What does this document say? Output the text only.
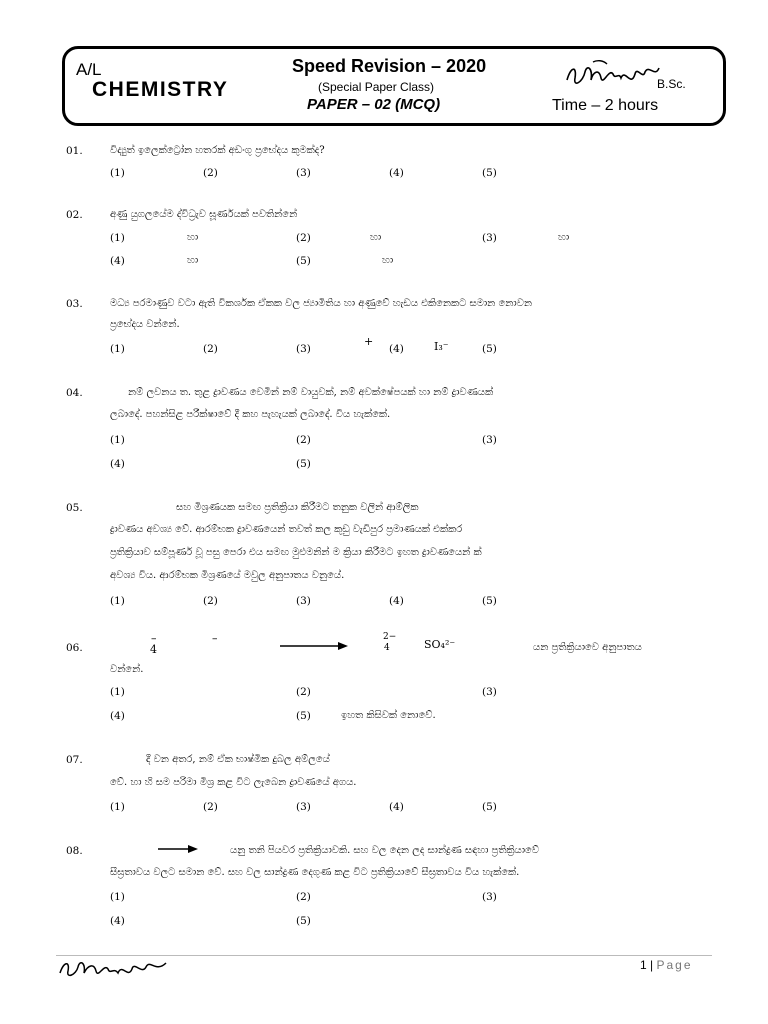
A/L
CHEMISTRY
Speed Revision – 2020
(Special Paper Class)
PAPER – 02 (MCQ)	Time – 2 hours
B.Sc.
01.	විද්‍යුත් ඉලෙක්ට්‍රෝන හතරක් අඩංගු ප්‍රභේදය කුමක්ද?
(1)	(2)	(3)	(4)	(5)
02.	අණු යුගලයේම ද්විධ්‍රැව ඝූර්ණයක් පවතින්නේ
(1)	හා	(2)	හා	(3)	හා
(4)	හා	(5)	හා
03.	මධ්‍ය පරමාණුව වටා ඇති විකර්ශක ඒකක වල ජ්‍යාමිතිය හා අණුවේ හැඩය එකිනෙකට සමාන නොවන
ප්‍රභේදය වන්නේ.
(1)	(2)	(3)
+
(4)	I₃⁻	(5)
04.	නම් ලවනය ත. තුළ ද්‍රාවණය වෙමින් නම් වායුවක්, නම් අවක්ෂේපයක් හා නම් ද්‍රාවණයක්
ලබාදේ. පහන්සිළ පරීක්ෂාවේ දී කහ පැහැයක් ලබාදේ. විය හැක්කේ.
(1)	(2)	(3)
(4)	(5)
05.	සහ මිශ්‍රණයක සමඟ ප්‍රතික්‍රියා කිරීමට තනුක වලින් ආම්ලික
ද්‍රාවණය අවශ්‍ය වේ. ආරම්භක ද්‍රාවණයෙන් තවත් කල කුඩු වැඩිපුර ප්‍රමාණයක් එක්කර
ප්‍රතික්‍රියාව සම්පූර්ණ වූ පසු පෙරා එය සමඟ මුළුමනින් ම ක්‍රියා කිරීමට ඉහත ද්‍රාවණයෙන් ක්
අවශ්‍ය විය. ආරම්භක මිශ්‍රණයේ මවුල අනුපාතය වනුයේ.
(1)	(2)	(3)	(4)	(5)
06.
–
4
–	2−
4	SO₄²⁻	යන ප්‍රතික්‍රියාවෙ අනුපාතය
වන්නේ.
(1)	(2)	(3)
(4)	(5)	ඉහත කිසිවක් නොවේ.
07.	දී වන අතර, නම් ඒක භාෂ්මික දුබල අම්ලයේ
වේ. හා හි සම පරිමා මිශ්‍ර කළ විට ලැබෙන ද්‍රාවණයේ අගය.
(1)	(2)	(3)	(4)	(5)
08.	යනු තනි පියවර ප්‍රතික්‍රියාවකි. සහ වල දෙන ලද සාන්ද්‍රණ සඳහා ප්‍රතික්‍රියාවේ
සීඝ්‍රතාවය වලට සමාන වේ. සහ වල සාන්ද්‍රණ දෙගුණ කළ විට ප්‍රතික්‍රියාවේ සීඝ්‍රතාවය විය හැක්කේ.
(1)	(2)	(3)
(4)	(5)
1 | Page
